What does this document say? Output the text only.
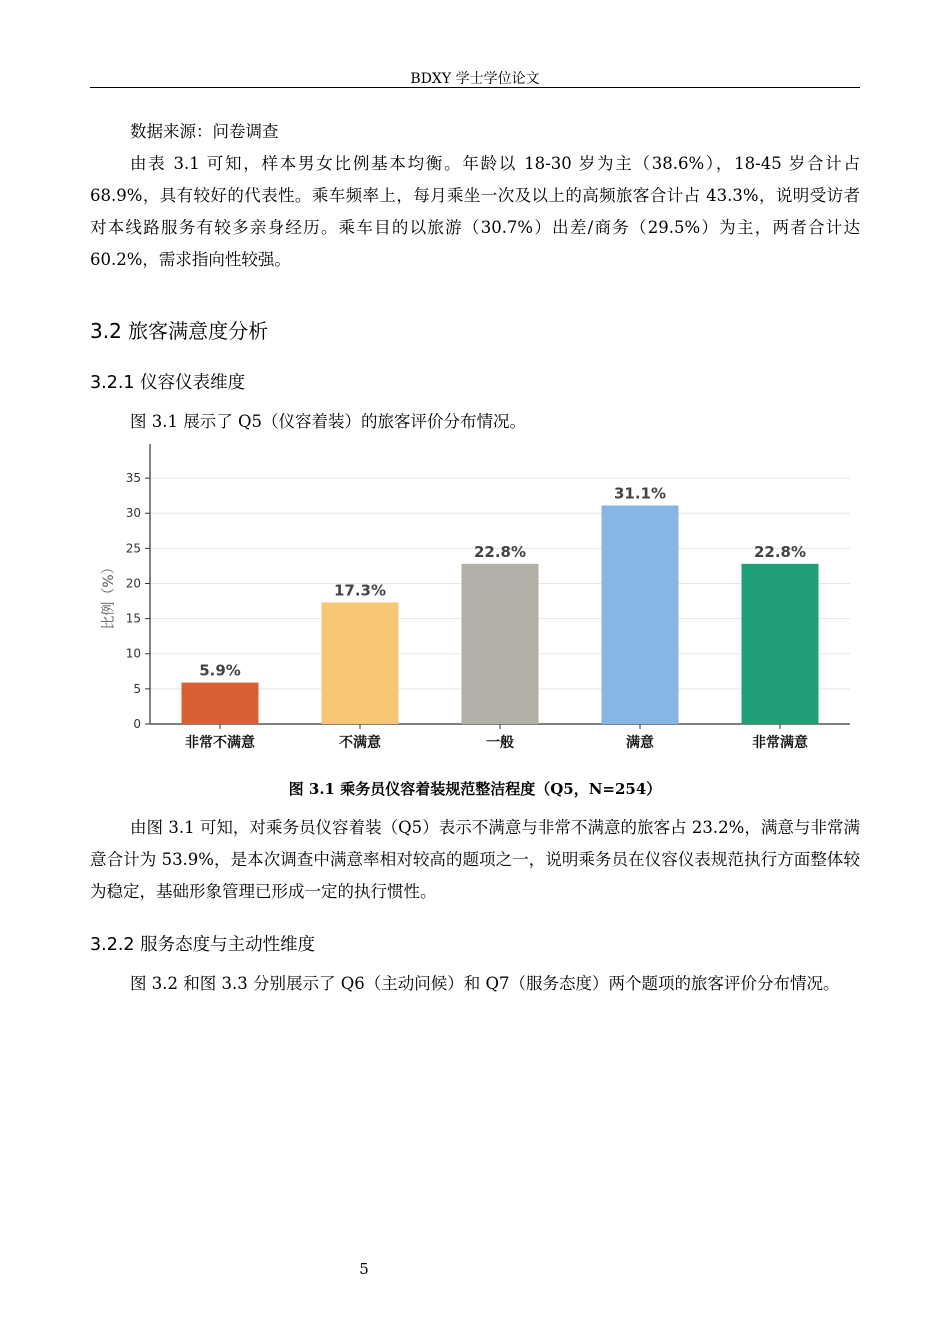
BDXY 学士学位论文
数据来源：问卷调查
由表 3.1 可知，样本男女比例基本均衡。年龄以 18-30 岁为主（38.6%），18-45 岁合计占 68.9%，具有较好的代表性。乘车频率上，每月乘坐一次及以上的高频旅客合计占 43.3%，说明受访者对本线路服务有较多亲身经历。乘车目的以旅游（30.7%）出差/商务（29.5%）为主，两者合计达 60.2%，需求指向性较强。
3.2 旅客满意度分析
3.2.1 仪容仪表维度
图 3.1 展示了 Q5（仪容着装）的旅客评价分布情况。
0
5
10
15
20
25
30
35
非常不满意	不满意	一般	满意	非常满意
5.9%
17.3%
22.8%
31.1%
22.8%
比例（%）
图 3.1 乘务员仪容着装规范整洁程度（Q5，N=254）
由图 3.1 可知，对乘务员仪容着装（Q5）表示不满意与非常不满意的旅客占 23.2%，满意与非常满意合计为 53.9%，是本次调查中满意率相对较高的题项之一，说明乘务员在仪容仪表规范执行方面整体较为稳定，基础形象管理已形成一定的执行惯性。
3.2.2 服务态度与主动性维度
图 3.2 和图 3.3 分别展示了 Q6（主动问候）和 Q7（服务态度）两个题项的旅客评价分布情况。
5
